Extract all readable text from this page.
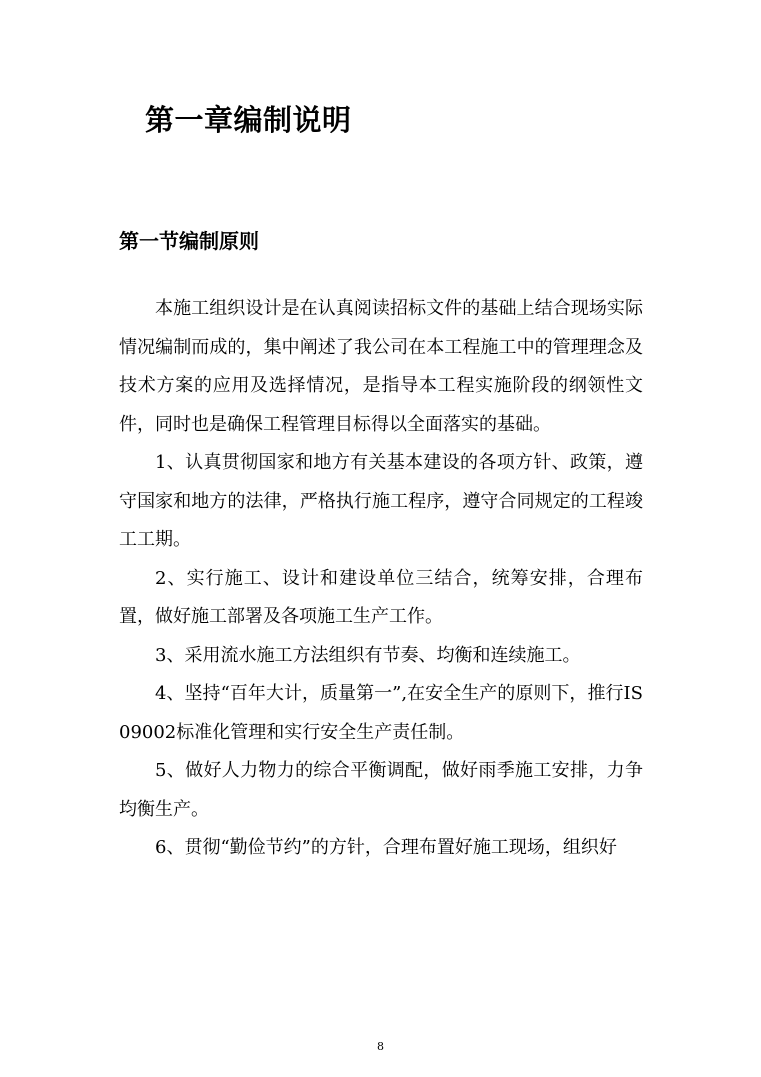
第一章编制说明
第一节编制原则

本施工组织设计是在认真阅读招标文件的基础上结合现场实际情况编制而成的，集中阐述了我公司在本工程施工中的管理理念及技术方案的应用及选择情况，是指导本工程实施阶段的纲领性文件，同时也是确保工程管理目标得以全面落实的基础。

1、认真贯彻国家和地方有关基本建设的各项方针、政策，遵守国家和地方的法律，严格执行施工程序，遵守合同规定的工程竣工工期。

2、实行施工、设计和建设单位三结合，统筹安排，合理布置，做好施工部署及各项施工生产工作。

3、采用流水施工方法组织有节奏、均衡和连续施工。

4、坚持“百年大计，质量第一”,在安全生产的原则下，推行IS09002标准化管理和实行安全生产责任制。

5、做好人力物力的综合平衡调配，做好雨季施工安排，力争均衡生产。

6、贯彻“勤俭节约”的方针，合理布置好施工现场，组织好

8
